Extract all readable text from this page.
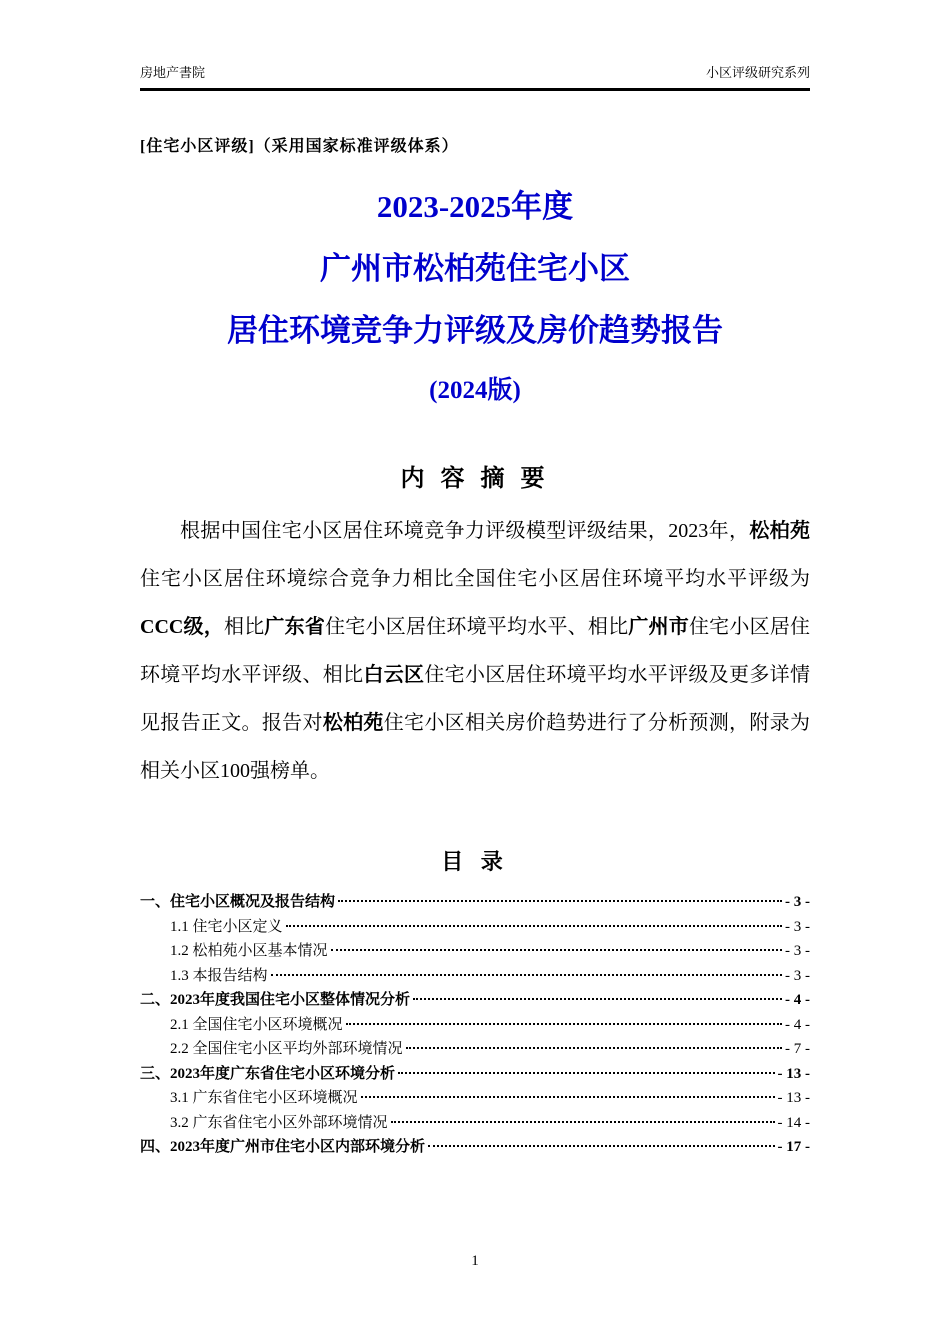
房地产書院	小区评级研究系列
[住宅小区评级]（采用国家标准评级体系）
2023-2025年度
广州市松柏苑住宅小区
居住环境竞争力评级及房价趋势报告
(2024版)
内 容 摘 要

根据中国住宅小区居住环境竞争力评级模型评级结果，2023年，松柏苑住宅小区居住环境综合竞争力相比全国住宅小区居住环境平均水平评级为CCC级，相比广东省住宅小区居住环境平均水平、相比广州市住宅小区居住环境平均水平评级、相比白云区住宅小区居住环境平均水平评级及更多详情见报告正文。报告对松柏苑住宅小区相关房价趋势进行了分析预测，附录为相关小区100强榜单。

目 录
一、住宅小区概况及报告结构	- 3 -
1.1 住宅小区定义	- 3 -
1.2 松柏苑小区基本情况	- 3 -
1.3 本报告结构	- 3 -
二、2023年度我国住宅小区整体情况分析	- 4 -
2.1 全国住宅小区环境概况	- 4 -
2.2 全国住宅小区平均外部环境情况	- 7 -
三、2023年度广东省住宅小区环境分析	- 13 -
3.1 广东省住宅小区环境概况	- 13 -
3.2 广东省住宅小区外部环境情况	- 14 -
四、2023年度广州市住宅小区内部环境分析	- 17 -
1
